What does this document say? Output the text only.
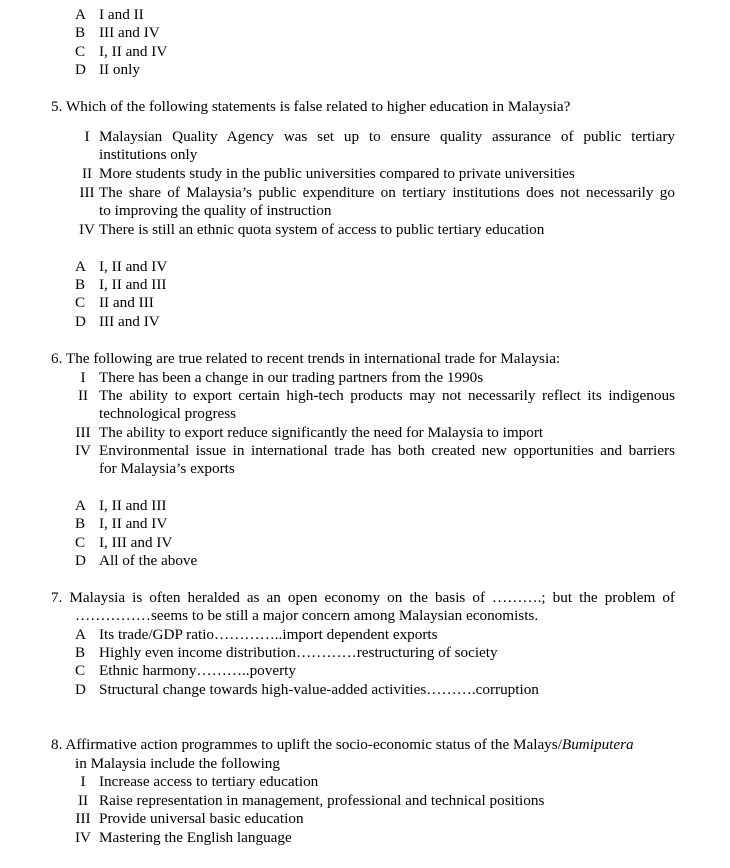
A I and II
B III and IV
C I, II and IV
D II only
5. Which of the following statements is false related to higher education in Malaysia?
I Malaysian Quality Agency was set up to ensure quality assurance of public tertiary
institutions only
II More students study in the public universities compared to private universities
III The share of Malaysia’s public expenditure on tertiary institutions does not necessarily go
to improving the quality of instruction
IV There is still an ethnic quota system of access to public tertiary education
A I, II and IV
B I, II and III
C II and III
D III and IV
6. The following are true related to recent trends in international trade for Malaysia:
I There has been a change in our trading partners from the 1990s
II The ability to export certain high-tech products may not necessarily reflect its indigenous
technological progress
III The ability to export reduce significantly the need for Malaysia to import
IV Environmental issue in international trade has both created new opportunities and barriers
for Malaysia’s exports
A I, II and III
B I, II and IV
C I, III and IV
D All of the above
7. Malaysia is often heralded as an open economy on the basis of ……….; but the problem of
……………seems to be still a major concern among Malaysian economists.
A Its trade/GDP ratio…………..import dependent exports
B Highly even income distribution…………restructuring of society
C Ethnic harmony………..poverty
D Structural change towards high-value-added activities……….corruption
8. Affirmative action programmes to uplift the socio-economic status of the Malays/Bumiputera
in Malaysia include the following
I Increase access to tertiary education
II Raise representation in management, professional and technical positions
III Provide universal basic education
IV Mastering the English language
